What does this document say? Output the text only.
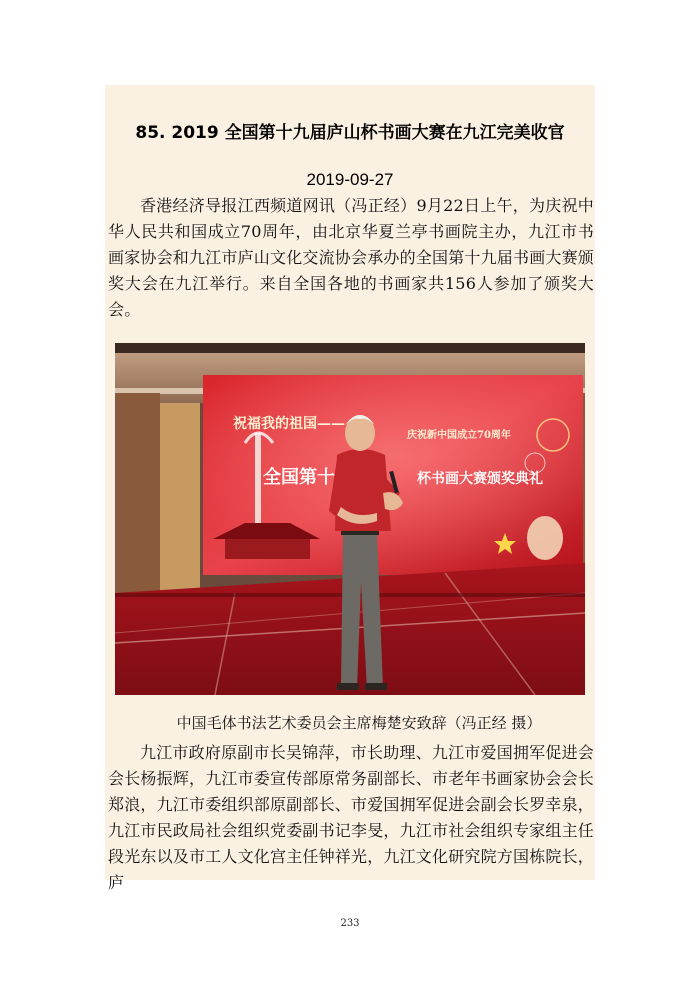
85. 2019 全国第十九届庐山杯书画大赛在九江完美收官
2019-09-27

香港经济导报江西频道网讯（冯正经）9月22日上午，为庆祝中华人民共和国成立70周年，由北京华夏兰亭书画院主办，九江市书画家协会和九江市庐山文化交流协会承办的全国第十九届书画大赛颁奖大会在九江举行。来自全国各地的书画家共156人参加了颁奖大会。

祝福我的祖国——
庆祝新中国成立70周年
全国第十	杯书画大赛颁奖典礼
中国毛体书法艺术委员会主席梅楚安致辞（冯正经 摄）

九江市政府原副市长吴锦萍，市长助理、九江市爱国拥军促进会会长杨振辉，九江市委宣传部原常务副部长、市老年书画家协会会长郑浪，九江市委组织部原副部长、市爱国拥军促进会副会长罗幸泉，九江市民政局社会组织党委副书记李旻，九江市社会组织专家组主任段光东以及市工人文化宫主任钟祥光，九江文化研究院方国栋院长，庐

233
